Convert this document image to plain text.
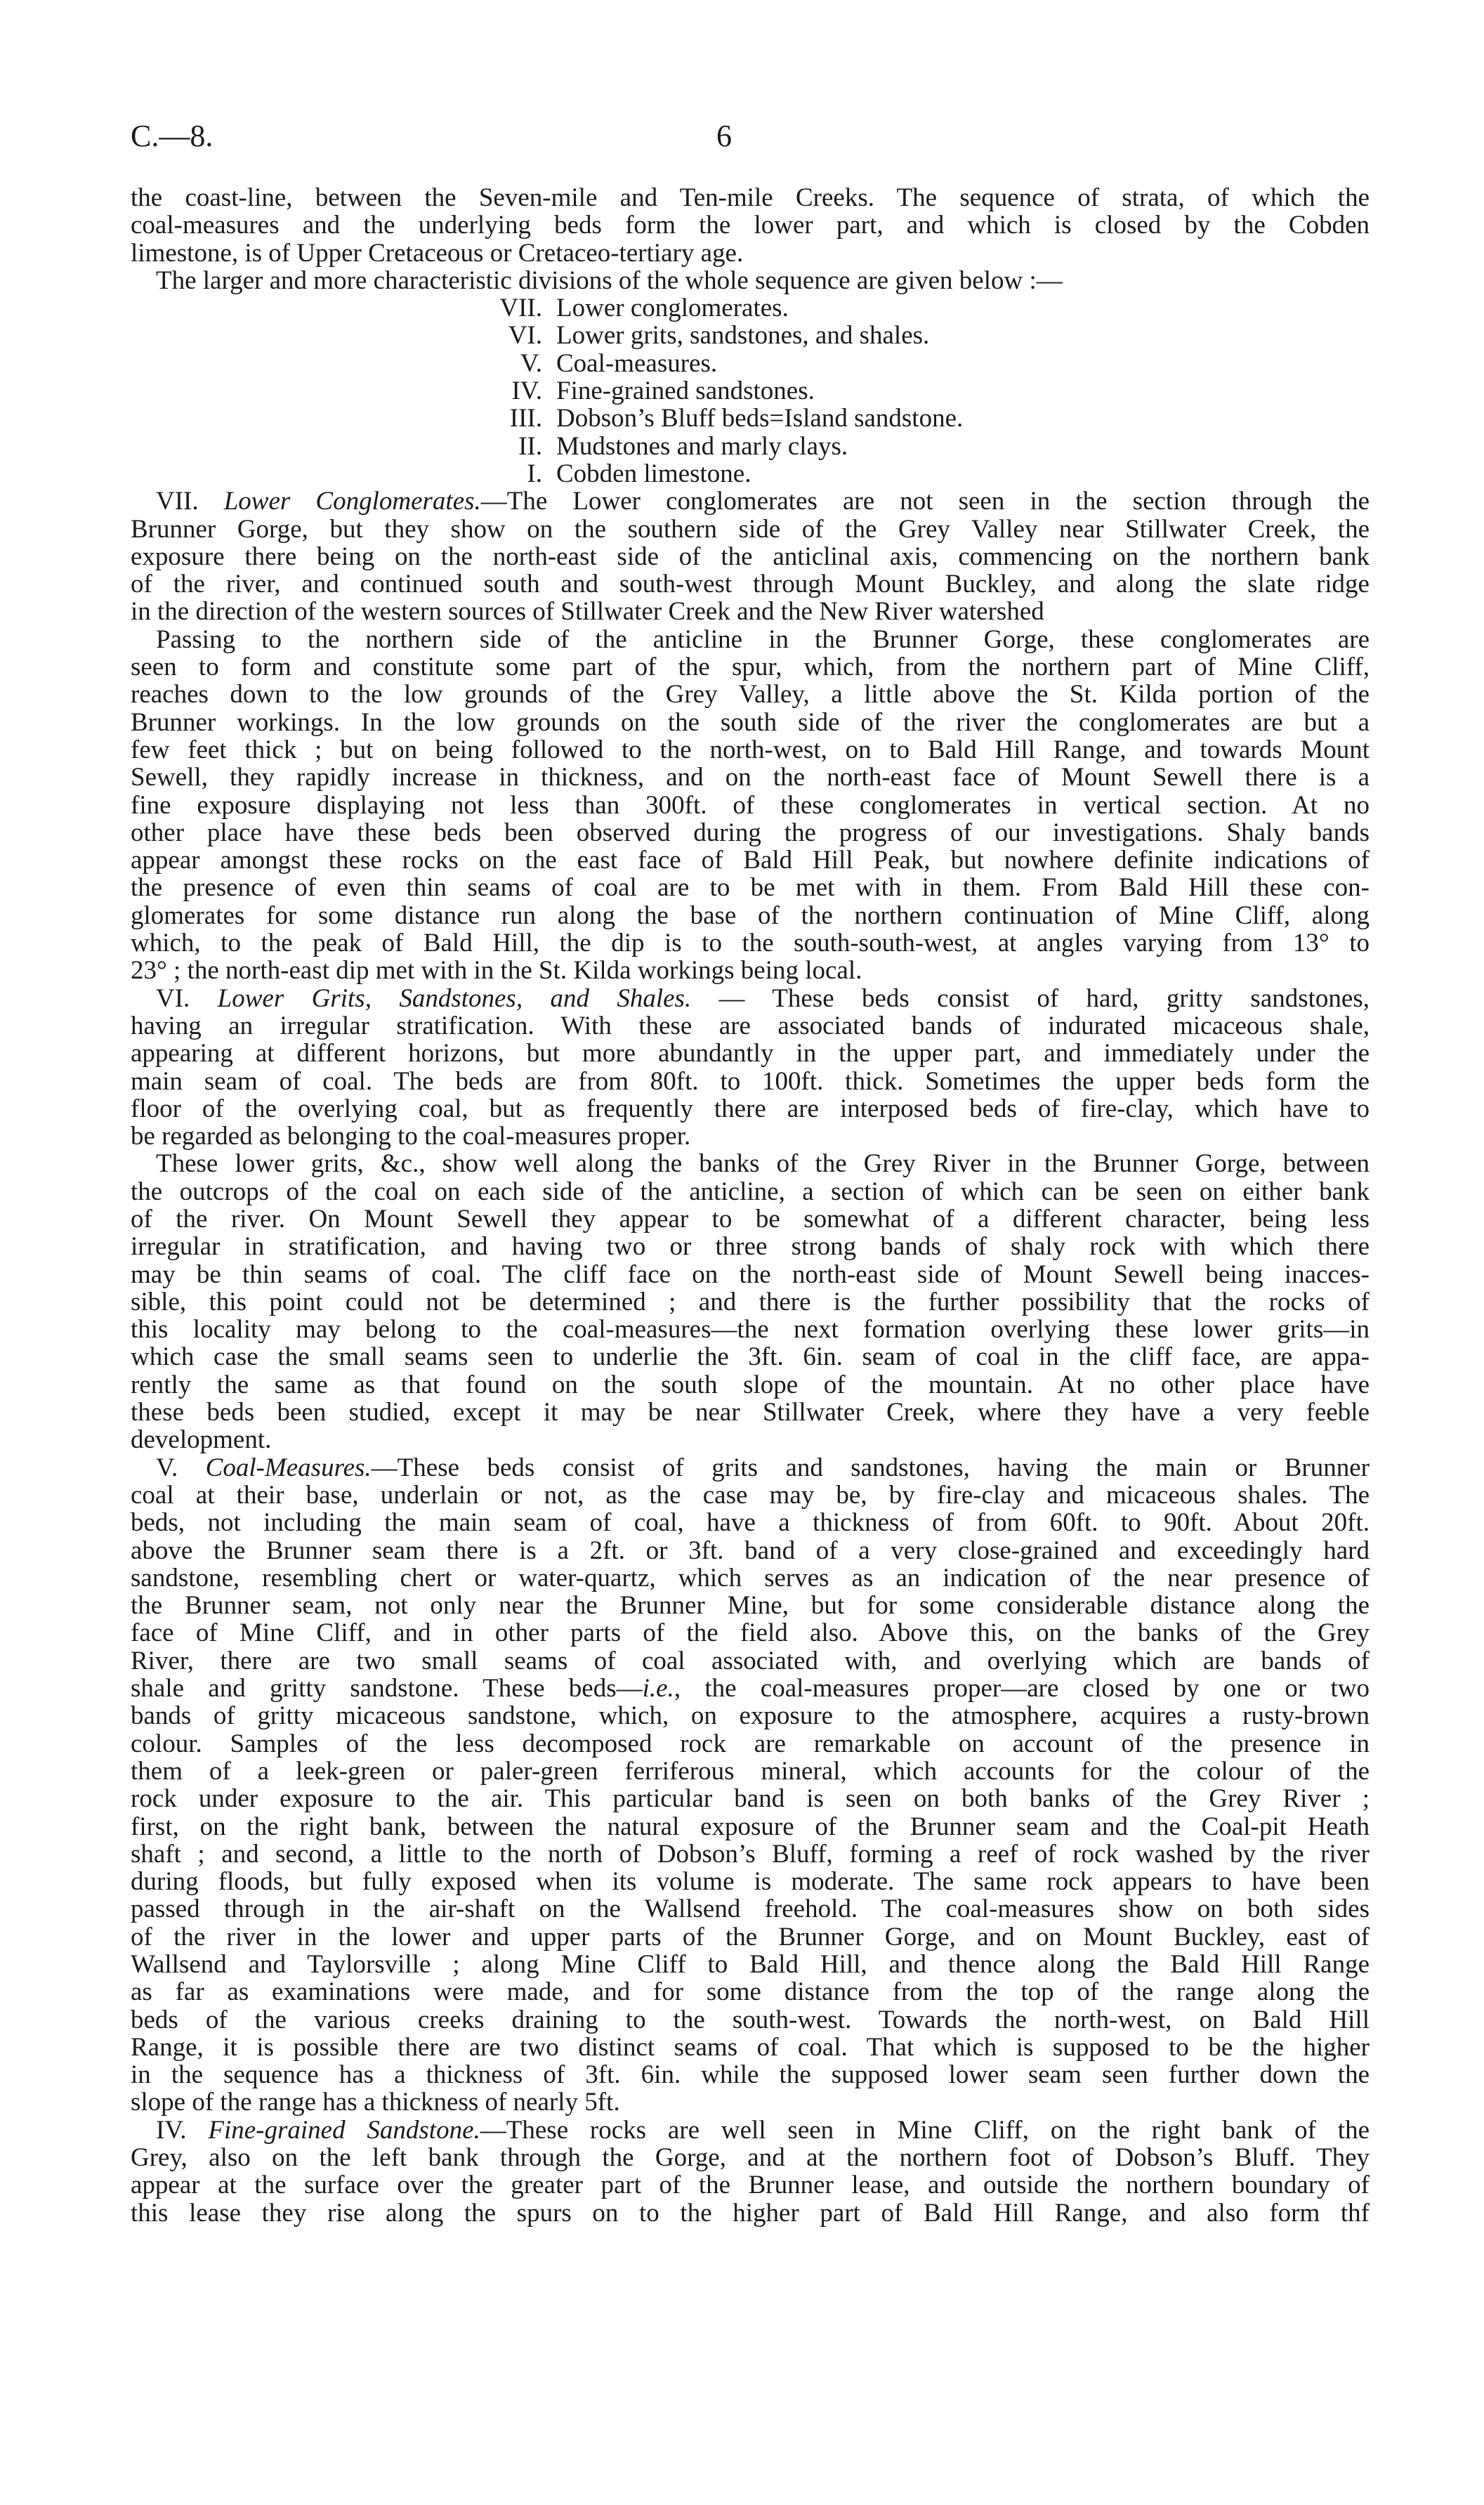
C.—8.	6
the coast-line, between the Seven-mile and Ten-mile Creeks. The sequence of strata, of which the
coal-measures and the underlying beds form the lower part, and which is closed by the Cobden
limestone, is of Upper Cretaceous or Cretaceo-tertiary age.
The larger and more characteristic divisions of the whole sequence are given below :—
VII. Lower conglomerates.
VI. Lower grits, sandstones, and shales.
V. Coal-measures.
IV. Fine-grained sandstones.
III. Dobson’s Bluff beds=Island sandstone.
II. Mudstones and marly clays.
I. Cobden limestone.
VII. Lower Conglomerates.—The Lower conglomerates are not seen in the section through the
Brunner Gorge, but they show on the southern side of the Grey Valley near Stillwater Creek, the
exposure there being on the north-east side of the anticlinal axis, commencing on the northern bank
of the river, and continued south and south-west through Mount Buckley, and along the slate ridge
in the direction of the western sources of Stillwater Creek and the New River watershed
Passing to the northern side of the anticline in the Brunner Gorge, these conglomerates are
seen to form and constitute some part of the spur, which, from the northern part of Mine Cliff,
reaches down to the low grounds of the Grey Valley, a little above the St. Kilda portion of the
Brunner workings. In the low grounds on the south side of the river the conglomerates are but a
few feet thick ; but on being followed to the north-west, on to Bald Hill Range, and towards Mount
Sewell, they rapidly increase in thickness, and on the north-east face of Mount Sewell there is a
fine exposure displaying not less than 300ft. of these conglomerates in vertical section. At no
other place have these beds been observed during the progress of our investigations. Shaly bands
appear amongst these rocks on the east face of Bald Hill Peak, but nowhere definite indications of
the presence of even thin seams of coal are to be met with in them. From Bald Hill these con-
glomerates for some distance run along the base of the northern continuation of Mine Cliff, along
which, to the peak of Bald Hill, the dip is to the south-south-west, at angles varying from 13° to
23° ; the north-east dip met with in the St. Kilda workings being local.
VI. Lower Grits, Sandstones, and Shales. — These beds consist of hard, gritty sandstones,
having an irregular stratification. With these are associated bands of indurated micaceous shale,
appearing at different horizons, but more abundantly in the upper part, and immediately under the
main seam of coal. The beds are from 80ft. to 100ft. thick. Sometimes the upper beds form the
floor of the overlying coal, but as frequently there are interposed beds of fire-clay, which have to
be regarded as belonging to the coal-measures proper.
These lower grits, &c., show well along the banks of the Grey River in the Brunner Gorge, between
the outcrops of the coal on each side of the anticline, a section of which can be seen on either bank
of the river. On Mount Sewell they appear to be somewhat of a different character, being less
irregular in stratification, and having two or three strong bands of shaly rock with which there
may be thin seams of coal. The cliff face on the north-east side of Mount Sewell being inacces-
sible, this point could not be determined ; and there is the further possibility that the rocks of
this locality may belong to the coal-measures—the next formation overlying these lower grits—in
which case the small seams seen to underlie the 3ft. 6in. seam of coal in the cliff face, are appa-
rently the same as that found on the south slope of the mountain. At no other place have
these beds been studied, except it may be near Stillwater Creek, where they have a very feeble
development.
V. Coal-Measures.—These beds consist of grits and sandstones, having the main or Brunner
coal at their base, underlain or not, as the case may be, by fire-clay and micaceous shales. The
beds, not including the main seam of coal, have a thickness of from 60ft. to 90ft. About 20ft.
above the Brunner seam there is a 2ft. or 3ft. band of a very close-grained and exceedingly hard
sandstone, resembling chert or water-quartz, which serves as an indication of the near presence of
the Brunner seam, not only near the Brunner Mine, but for some considerable distance along the
face of Mine Cliff, and in other parts of the field also. Above this, on the banks of the Grey
River, there are two small seams of coal associated with, and overlying which are bands of
shale and gritty sandstone. These beds—i.e., the coal-measures proper—are closed by one or two
bands of gritty micaceous sandstone, which, on exposure to the atmosphere, acquires a rusty-brown
colour. Samples of the less decomposed rock are remarkable on account of the presence in
them of a leek-green or paler-green ferriferous mineral, which accounts for the colour of the
rock under exposure to the air. This particular band is seen on both banks of the Grey River ;
first, on the right bank, between the natural exposure of the Brunner seam and the Coal-pit Heath
shaft ; and second, a little to the north of Dobson’s Bluff, forming a reef of rock washed by the river
during floods, but fully exposed when its volume is moderate. The same rock appears to have been
passed through in the air-shaft on the Wallsend freehold. The coal-measures show on both sides
of the river in the lower and upper parts of the Brunner Gorge, and on Mount Buckley, east of
Wallsend and Taylorsville ; along Mine Cliff to Bald Hill, and thence along the Bald Hill Range
as far as examinations were made, and for some distance from the top of the range along the
beds of the various creeks draining to the south-west. Towards the north-west, on Bald Hill
Range, it is possible there are two distinct seams of coal. That which is supposed to be the higher
in the sequence has a thickness of 3ft. 6in. while the supposed lower seam seen further down the
slope of the range has a thickness of nearly 5ft.
IV. Fine-grained Sandstone.—These rocks are well seen in Mine Cliff, on the right bank of the
Grey, also on the left bank through the Gorge, and at the northern foot of Dobson’s Bluff. They
appear at the surface over the greater part of the Brunner lease, and outside the northern boundary of
this lease they rise along the spurs on to the higher part of Bald Hill Range, and also form thf
